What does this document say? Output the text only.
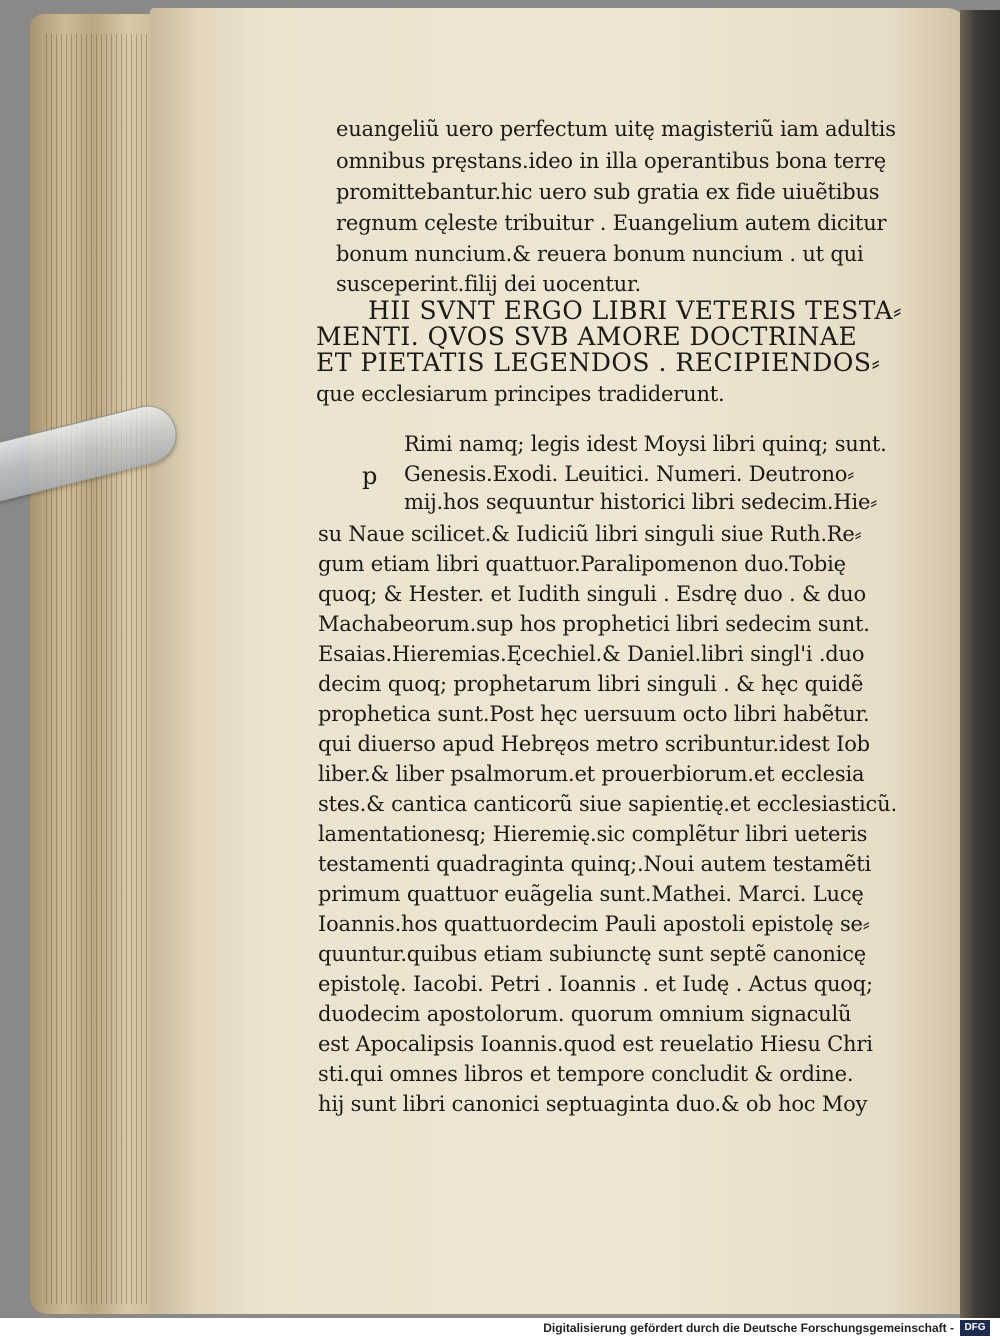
euangeliũ uero perfectum uitę magisteriũ iam adultis
omnibus pręstans.ideo in illa operantibus bona terrę
promittebantur.hic uero sub gratia ex fide uiuẽtibus
regnum cęleste tribuitur . Euangelium autem dicitur
bonum nuncium.& reuera bonum nuncium . ut qui
susceperint.filij dei uocentur.
HII SVNT ERGO LIBRI VETERIS TESTA⸗
MENTI. QVOS SVB AMORE DOCTRINAE
ET PIETATIS LEGENDOS . RECIPIENDOS⸗
que ecclesiarum principes tradiderunt.
p
Rimi namq; legis idest Moysi libri quinq; sunt.
Genesis.Exodi. Leuitici. Numeri. Deutrono⸗
mij.hos sequuntur historici libri sedecim.Hie⸗
su Naue scilicet.& Iudiciũ libri singuli siue Ruth.Re⸗
gum etiam libri quattuor.Paralipomenon duo.Tobię
quoq; & Hester. et Iudith singuli . Esdrę duo . & duo
Machabeorum.sup hos prophetici libri sedecim sunt.
Esaias.Hieremias.Ęcechiel.& Daniel.libri singl'i .duo
decim quoq; prophetarum libri singuli . & hęc quidẽ
prophetica sunt.Post hęc uersuum octo libri habẽtur.
qui diuerso apud Hebręos metro scribuntur.idest Iob
liber.& liber psalmorum.et prouerbiorum.et ecclesia
stes.& cantica canticorũ siue sapientię.et ecclesiasticũ.
lamentationesq; Hieremię.sic complẽtur libri ueteris
testamenti quadraginta quinq;.Noui autem testamẽti
primum quattuor euãgelia sunt.Mathei. Marci. Lucę
Ioannis.hos quattuordecim Pauli apostoli epistolę se⸗
quuntur.quibus etiam subiunctę sunt septẽ canonicę
epistolę. Iacobi. Petri . Ioannis . et Iudę . Actus quoq;
duodecim apostolorum. quorum omnium signaculũ
est Apocalipsis Ioannis.quod est reuelatio Hiesu Chri
sti.qui omnes libros et tempore concludit & ordine.
hij sunt libri canonici septuaginta duo.& ob hoc Moy
Digitalisierung gefördert durch die Deutsche Forschungsgemeinschaft -	DFG
